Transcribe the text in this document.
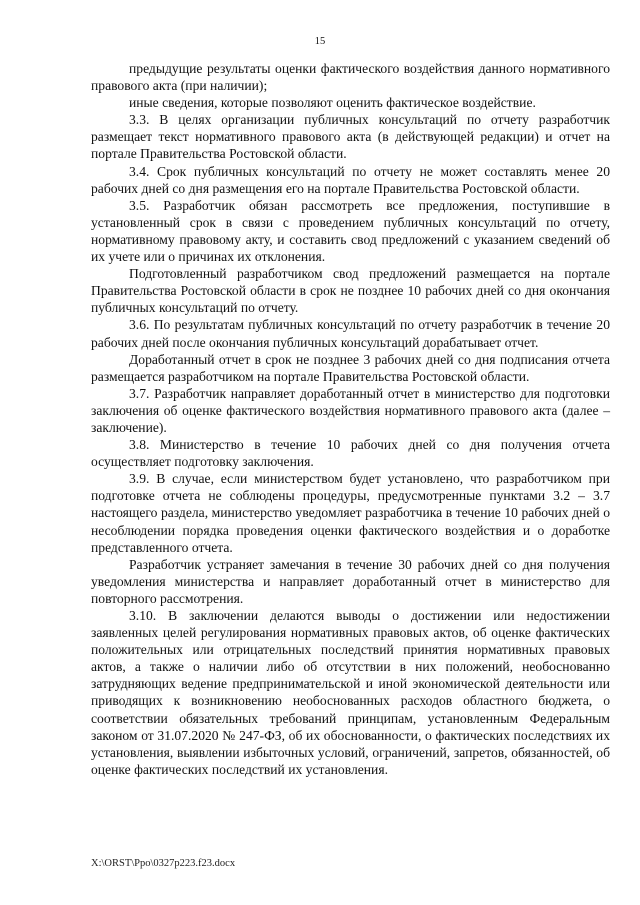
15

предыдущие результаты оценки фактического воздействия данного нормативного правового акта (при наличии);

иные сведения, которые позволяют оценить фактическое воздействие.

3.3. В целях организации публичных консультаций по отчету разработчик размещает текст нормативного правового акта (в действующей редакции) и отчет на портале Правительства Ростовской области.

3.4. Срок публичных консультаций по отчету не может составлять менее 20 рабочих дней со дня размещения его на портале Правительства Ростовской области.

3.5. Разработчик обязан рассмотреть все предложения, поступившие в установленный срок в связи с проведением публичных консультаций по отчету, нормативному правовому акту, и составить свод предложений с указанием сведений об их учете или о причинах их отклонения.

Подготовленный разработчиком свод предложений размещается на портале Правительства Ростовской области в срок не позднее 10 рабочих дней со дня окончания публичных консультаций по отчету.

3.6. По результатам публичных консультаций по отчету разработчик в течение 20 рабочих дней после окончания публичных консультаций дорабатывает отчет.

Доработанный отчет в срок не позднее 3 рабочих дней со дня подписания отчета размещается разработчиком на портале Правительства Ростовской области.

3.7. Разработчик направляет доработанный отчет в министерство для подготовки заключения об оценке фактического воздействия нормативного правового акта (далее – заключение).

3.8. Министерство в течение 10 рабочих дней со дня получения отчета осуществляет подготовку заключения.

3.9. В случае, если министерством будет установлено, что разработчиком при подготовке отчета не соблюдены процедуры, предусмотренные пунктами 3.2 – 3.7 настоящего раздела, министерство уведомляет разработчика в течение 10 рабочих дней о несоблюдении порядка проведения оценки фактического воздействия и о доработке представленного отчета.

Разработчик устраняет замечания в течение 30 рабочих дней со дня получения уведомления министерства и направляет доработанный отчет в министерство для повторного рассмотрения.

3.10. В заключении делаются выводы о достижении или недостижении заявленных целей регулирования нормативных правовых актов, об оценке фактических положительных или отрицательных последствий принятия нормативных правовых актов, а также о наличии либо об отсутствии в них положений, необоснованно затрудняющих ведение предпринимательской и иной экономической деятельности или приводящих к возникновению необоснованных расходов областного бюджета, о соответствии обязательных требований принципам, установленным Федеральным законом от 31.07.2020 № 247-ФЗ, об их обоснованности, о фактических последствиях их установления, выявлении избыточных условий, ограничений, запретов, обязанностей, об оценке фактических последствий их установления.

X:\ORST\Ppo\0327p223.f23.docx
